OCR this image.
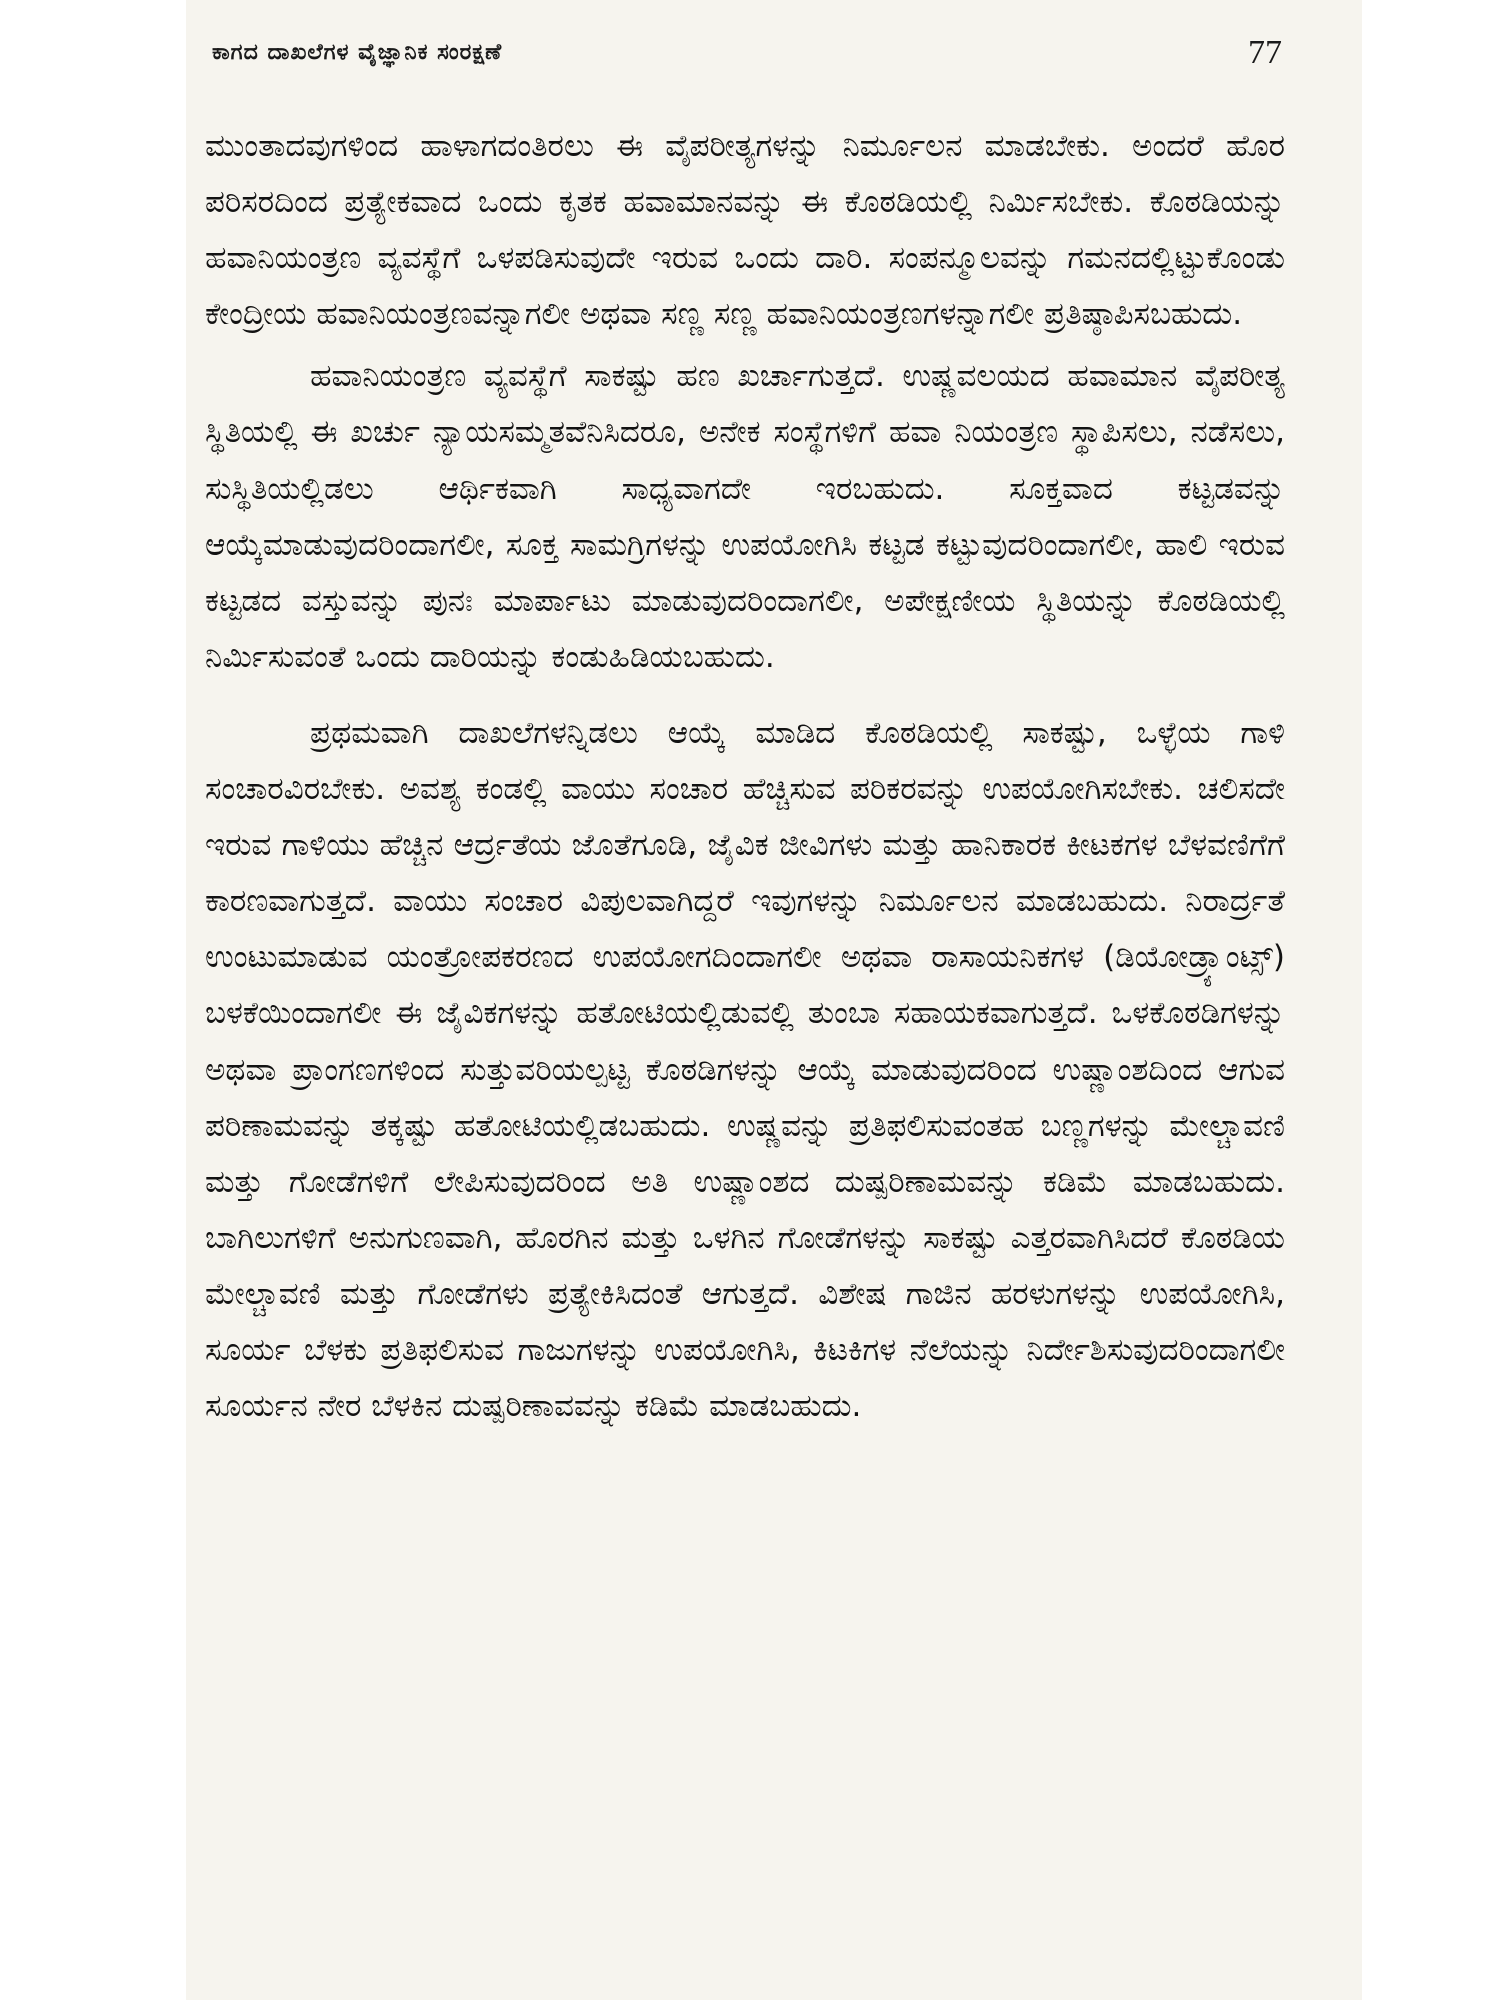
ಕಾಗದ ದಾಖಲೆಗಳ ವೈಜ್ಞಾನಿಕ ಸಂರಕ್ಷಣೆ	77

ಮುಂತಾದವುಗಳಿಂದ ಹಾಳಾಗದಂತಿರಲು ಈ ವೈಪರೀತ್ಯಗಳನ್ನು ನಿರ್ಮೂಲನ ಮಾಡಬೇಕು. ಅಂದರೆ ಹೊರ ಪರಿಸರದಿಂದ ಪ್ರತ್ಯೇಕವಾದ ಒಂದು ಕೃತಕ ಹವಾಮಾನವನ್ನು ಈ ಕೊಠಡಿಯಲ್ಲಿ ನಿರ್ಮಿಸಬೇಕು. ಕೊಠಡಿಯನ್ನು ಹವಾನಿಯಂತ್ರಣ ವ್ಯವಸ್ಥೆಗೆ ಒಳಪಡಿಸುವುದೇ ಇರುವ ಒಂದು ದಾರಿ. ಸಂಪನ್ಮೂಲವನ್ನು ಗಮನದಲ್ಲಿಟ್ಟುಕೊಂಡು ಕೇಂದ್ರೀಯ ಹವಾನಿಯಂತ್ರಣವನ್ನಾಗಲೀ ಅಥವಾ ಸಣ್ಣ ಸಣ್ಣ ಹವಾನಿಯಂತ್ರಣಗಳನ್ನಾಗಲೀ ಪ್ರತಿಷ್ಠಾಪಿಸಬಹುದು.

ಹವಾನಿಯಂತ್ರಣ ವ್ಯವಸ್ಥೆಗೆ ಸಾಕಷ್ಟು ಹಣ ಖರ್ಚಾಗುತ್ತದೆ. ಉಷ್ಣವಲಯದ ಹವಾಮಾನ ವೈಪರೀತ್ಯ ಸ್ಥಿತಿಯಲ್ಲಿ ಈ ಖರ್ಚು ನ್ಯಾಯಸಮ್ಮತವೆನಿಸಿದರೂ, ಅನೇಕ ಸಂಸ್ಥೆಗಳಿಗೆ ಹವಾ ನಿಯಂತ್ರಣ ಸ್ಥಾಪಿಸಲು, ನಡೆಸಲು, ಸುಸ್ಥಿತಿಯಲ್ಲಿಡಲು ಆರ್ಥಿಕವಾಗಿ ಸಾಧ್ಯವಾಗದೇ ಇರಬಹುದು. ಸೂಕ್ತವಾದ ಕಟ್ಟಡವನ್ನು ಆಯ್ಕೆಮಾಡುವುದರಿಂದಾಗಲೀ, ಸೂಕ್ತ ಸಾಮಗ್ರಿಗಳನ್ನು ಉಪಯೋಗಿಸಿ ಕಟ್ಟಡ ಕಟ್ಟುವುದರಿಂದಾಗಲೀ, ಹಾಲಿ ಇರುವ ಕಟ್ಟಡದ ವಸ್ತುವನ್ನು ಪುನಃ ಮಾರ್ಪಾಟು ಮಾಡುವುದರಿಂದಾಗಲೀ, ಅಪೇಕ್ಷಣೀಯ ಸ್ಥಿತಿಯನ್ನು ಕೊಠಡಿಯಲ್ಲಿ ನಿರ್ಮಿಸುವಂತೆ ಒಂದು ದಾರಿಯನ್ನು ಕಂಡುಹಿಡಿಯಬಹುದು.

ಪ್ರಥಮವಾಗಿ ದಾಖಲೆಗಳನ್ನಿಡಲು ಆಯ್ಕೆ ಮಾಡಿದ ಕೊಠಡಿಯಲ್ಲಿ ಸಾಕಷ್ಟು, ಒಳ್ಳೆಯ ಗಾಳಿ ಸಂಚಾರವಿರಬೇಕು. ಅವಶ್ಯ ಕಂಡಲ್ಲಿ ವಾಯು ಸಂಚಾರ ಹೆಚ್ಚಿಸುವ ಪರಿಕರವನ್ನು ಉಪಯೋಗಿಸಬೇಕು. ಚಲಿಸದೇ ಇರುವ ಗಾಳಿಯು ಹೆಚ್ಚಿನ ಆರ್ದ್ರತೆಯ ಜೊತೆಗೂಡಿ, ಜೈವಿಕ ಜೀವಿಗಳು ಮತ್ತು ಹಾನಿಕಾರಕ ಕೀಟಕಗಳ ಬೆಳವಣಿಗೆಗೆ ಕಾರಣವಾಗುತ್ತದೆ. ವಾಯು ಸಂಚಾರ ವಿಪುಲವಾಗಿದ್ದರೆ ಇವುಗಳನ್ನು ನಿರ್ಮೂಲನ ಮಾಡಬಹುದು. ನಿರಾರ್ದ್ರತೆ ಉಂಟುಮಾಡುವ ಯಂತ್ರೋಪಕರಣದ ಉಪಯೋಗದಿಂದಾಗಲೀ ಅಥವಾ ರಾಸಾಯನಿಕಗಳ (ಡಿಯೋಡ್ರ್ಯಾಂಟ್ಸ್) ಬಳಕೆಯಿಂದಾಗಲೀ ಈ ಜೈವಿಕಗಳನ್ನು ಹತೋಟಿಯಲ್ಲಿಡುವಲ್ಲಿ ತುಂಬಾ ಸಹಾಯಕವಾಗುತ್ತದೆ. ಒಳಕೊಠಡಿಗಳನ್ನು ಅಥವಾ ಪ್ರಾಂಗಣಗಳಿಂದ ಸುತ್ತುವರಿಯಲ್ಪಟ್ಟ ಕೊಠಡಿಗಳನ್ನು ಆಯ್ಕೆ ಮಾಡುವುದರಿಂದ ಉಷ್ಣಾಂಶದಿಂದ ಆಗುವ ಪರಿಣಾಮವನ್ನು ತಕ್ಕಷ್ಟು ಹತೋಟಿಯಲ್ಲಿಡಬಹುದು. ಉಷ್ಣವನ್ನು ಪ್ರತಿಫಲಿಸುವಂತಹ ಬಣ್ಣಗಳನ್ನು ಮೇಲ್ಚಾವಣಿ ಮತ್ತು ಗೋಡೆಗಳಿಗೆ ಲೇಪಿಸುವುದರಿಂದ ಅತಿ ಉಷ್ಣಾಂಶದ ದುಷ್ಪರಿಣಾಮವನ್ನು ಕಡಿಮೆ ಮಾಡಬಹುದು. ಬಾಗಿಲುಗಳಿಗೆ ಅನುಗುಣವಾಗಿ, ಹೊರಗಿನ ಮತ್ತು ಒಳಗಿನ ಗೋಡೆಗಳನ್ನು ಸಾಕಷ್ಟು ಎತ್ತರವಾಗಿಸಿದರೆ ಕೊಠಡಿಯ ಮೇಲ್ಚಾವಣಿ ಮತ್ತು ಗೋಡೆಗಳು ಪ್ರತ್ಯೇಕಿಸಿದಂತೆ ಆಗುತ್ತದೆ. ವಿಶೇಷ ಗಾಜಿನ ಹರಳುಗಳನ್ನು ಉಪಯೋಗಿಸಿ, ಸೂರ್ಯ ಬೆಳಕು ಪ್ರತಿಫಲಿಸುವ ಗಾಜುಗಳನ್ನು ಉಪಯೋಗಿಸಿ, ಕಿಟಕಿಗಳ ನೆಲೆಯನ್ನು ನಿರ್ದೇಶಿಸುವುದರಿಂದಾಗಲೀ ಸೂರ್ಯನ ನೇರ ಬೆಳಕಿನ ದುಷ್ಪರಿಣಾವವನ್ನು ಕಡಿಮೆ ಮಾಡಬಹುದು.
